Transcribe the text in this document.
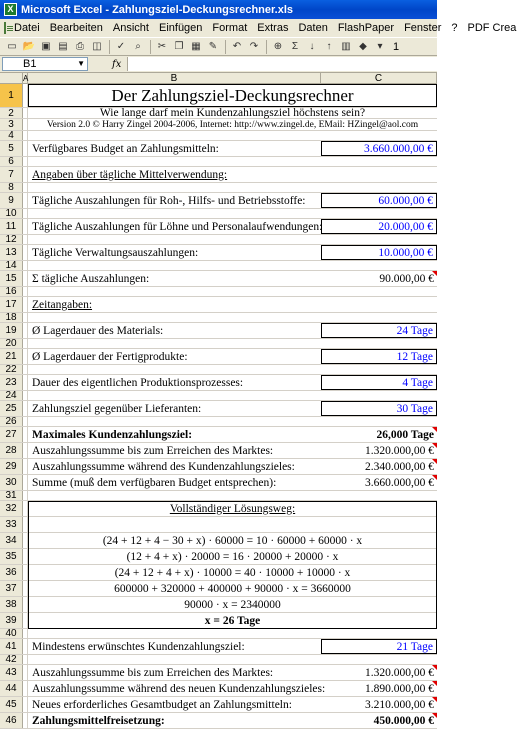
X Microsoft Excel - Zahlungsziel-Deckungsrechner.xls
Datei Bearbeiten Ansicht Einfügen Format Extras Daten FlashPaper Fenster ? PDF Crea
▭ 📂 ▣ ▤ ⎙ ◫	✓	⌕	✂ ❐ ▦ ✎	↶ ↷	⊕ Σ	↓	↑ ▥ ◆	▾ 1
B1	▼	fx
A	B	C
1	Der Zahlungsziel-Deckungsrechner
2	Wie lange darf mein Kundenzahlungsziel höchstens sein?
3	Version 2.0 © Harry Zingel 2004-2006, Internet: http://www.zingel.de, EMail: HZingel@aol.com
4
5	Verfügbares Budget an Zahlungsmitteln:	3.660.000,00 €
6
7	Angaben über tägliche Mittelverwendung:
8
9	Tägliche Auszahlungen für Roh-, Hilfs- und Betriebsstoffe:	60.000,00 €
10
11	Tägliche Auszahlungen für Löhne und Personalaufwendungen:	20.000,00 €
12
13	Tägliche Verwaltungsauszahlungen:	10.000,00 €
14
15	Σ tägliche Auszahlungen:	90.000,00 €
16
17	Zeitangaben:
18
19	Ø Lagerdauer des Materials:	24 Tage
20
21	Ø Lagerdauer der Fertigprodukte:	12 Tage
22
23	Dauer des eigentlichen Produktionsprozesses:	4 Tage
24
25	Zahlungsziel gegenüber Lieferanten:	30 Tage
26
27	Maximales Kundenzahlungsziel:	26,000 Tage
28	Auszahlungssumme bis zum Erreichen des Marktes:	1.320.000,00 €
29	Auszahlungssumme während des Kundenzahlungszieles:	2.340.000,00 €
30	Summe (muß dem verfügbaren Budget entsprechen):	3.660.000,00 €
31
32	Vollständiger Lösungsweg:
33
34	(24 + 12 + 4 − 30 + x) · 60000 = 10 · 60000 + 60000 · x
35	(12 + 4 + x) · 20000 = 16 · 20000 + 20000 · x
36	(24 + 12 + 4 + x) · 10000 = 40 · 10000 + 10000 · x
37	600000 + 320000 + 400000 + 90000 · x = 3660000
38	90000 · x = 2340000
39	x = 26 Tage
40
41	Mindestens erwünschtes Kundenzahlungsziel:	21 Tage
42
43	Auszahlungssumme bis zum Erreichen des Marktes:	1.320.000,00 €
44	Auszahlungssumme während des neuen Kundenzahlungszieles:	1.890.000,00 €
45	Neues erforderliches Gesamtbudget an Zahlungsmitteln:	3.210.000,00 €
46	Zahlungsmittelfreisetzung:	450.000,00 €
